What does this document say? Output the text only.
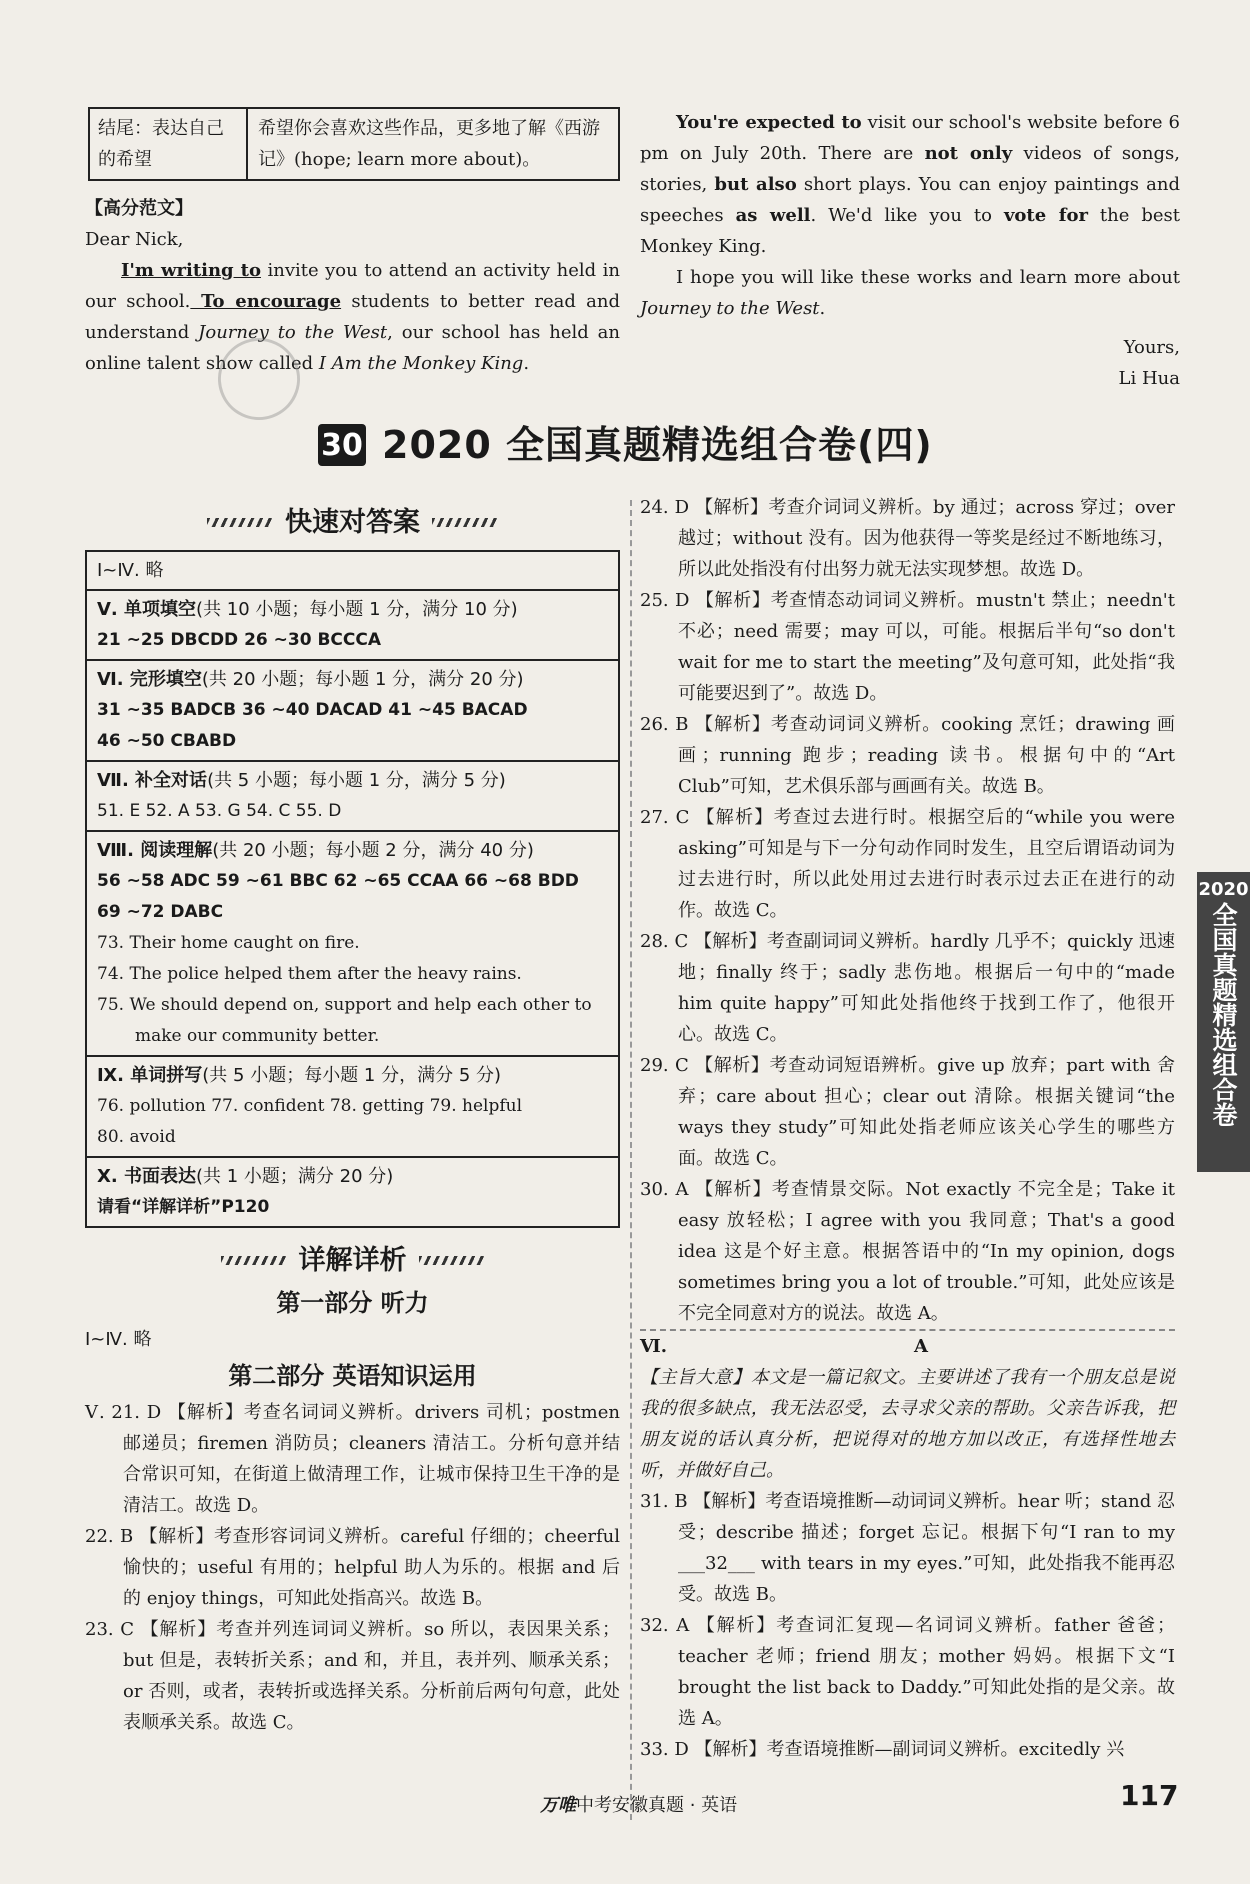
结尾：表达自己的希望
希望你会喜欢这些作品，更多地了解《西游记》(hope; learn more about)。
【高分范文】
Dear Nick,
I'm writing to invite you to attend an activity held in our school. To encourage students to better read and understand Journey to the West, our school has held an online talent show called I Am the Monkey King.
You're expected to visit our school's website before 6 pm on July 20th. There are not only videos of songs, stories, but also short plays. You can enjoy paintings and speeches as well. We'd like you to vote for the best Monkey King.
I hope you will like these works and learn more about Journey to the West.
Yours,
Li Hua
30 2020 全国真题精选组合卷(四)
快速对答案
Ⅰ~Ⅳ. 略
Ⅴ. 单项填空(共 10 小题；每小题 1 分，满分 10 分)
21 ~25 DBCDD 26 ~30 BCCCA
Ⅵ. 完形填空(共 20 小题；每小题 1 分，满分 20 分)
31 ~35 BADCB 36 ~40 DACAD 41 ~45 BACAD
46 ~50 CBABD
Ⅶ. 补全对话(共 5 小题；每小题 1 分，满分 5 分)
51. E 52. A 53. G 54. C 55. D
Ⅷ. 阅读理解(共 20 小题；每小题 2 分，满分 40 分)
56 ~58 ADC 59 ~61 BBC 62 ~65 CCAA 66 ~68 BDD
69 ~72 DABC
73. Their home caught on fire.
74. The police helped them after the heavy rains.
75. We should depend on, support and help each other to make our community better.
Ⅸ. 单词拼写(共 5 小题；每小题 1 分，满分 5 分)
76. pollution 77. confident 78. getting 79. helpful
80. avoid
Ⅹ. 书面表达(共 1 小题；满分 20 分)
请看“详解详析”P120
详解详析
第一部分 听力
Ⅰ~Ⅳ. 略
第二部分 英语知识运用
Ⅴ. 21. D 【解析】考查名词词义辨析。drivers 司机；postmen 邮递员；firemen 消防员；cleaners 清洁工。分析句意并结合常识可知，在街道上做清理工作，让城市保持卫生干净的是清洁工。故选 D。
22. B 【解析】考查形容词词义辨析。careful 仔细的；cheerful 愉快的；useful 有用的；helpful 助人为乐的。根据 and 后的 enjoy things，可知此处指高兴。故选 B。
23. C 【解析】考查并列连词词义辨析。so 所以，表因果关系；but 但是，表转折关系；and 和，并且，表并列、顺承关系；or 否则，或者，表转折或选择关系。分析前后两句句意，此处表顺承关系。故选 C。
24. D 【解析】考查介词词义辨析。by 通过；across 穿过；over 越过；without 没有。因为他获得一等奖是经过不断地练习，所以此处指没有付出努力就无法实现梦想。故选 D。
25. D 【解析】考查情态动词词义辨析。mustn't 禁止；needn't 不必；need 需要；may 可以，可能。根据后半句“so don't wait for me to start the meeting”及句意可知，此处指“我可能要迟到了”。故选 D。
26. B 【解析】考查动词词义辨析。cooking 烹饪；drawing 画画；running 跑步；reading 读书。根据句中的“Art Club”可知，艺术俱乐部与画画有关。故选 B。
27. C 【解析】考查过去进行时。根据空后的“while you were asking”可知是与下一分句动作同时发生，且空后谓语动词为过去进行时，所以此处用过去进行时表示过去正在进行的动作。故选 C。
28. C 【解析】考查副词词义辨析。hardly 几乎不；quickly 迅速地；finally 终于；sadly 悲伤地。根据后一句中的“made him quite happy”可知此处指他终于找到工作了，他很开心。故选 C。
29. C 【解析】考查动词短语辨析。give up 放弃；part with 舍弃；care about 担心；clear out 清除。根据关键词“the ways they study”可知此处指老师应该关心学生的哪些方面。故选 C。
30. A 【解析】考查情景交际。Not exactly 不完全是；Take it easy 放轻松；I agree with you 我同意；That's a good idea 这是个好主意。根据答语中的“In my opinion, dogs sometimes bring you a lot of trouble.”可知，此处应该是不完全同意对方的说法。故选 A。
Ⅵ.	A
【主旨大意】本文是一篇记叙文。主要讲述了我有一个朋友总是说我的很多缺点，我无法忍受，去寻求父亲的帮助。父亲告诉我，把朋友说的话认真分析，把说得对的地方加以改正，有选择性地去听，并做好自己。
31. B 【解析】考查语境推断—动词词义辨析。hear 听；stand 忍受；describe 描述；forget 忘记。根据下句“I ran to my ___32___ with tears in my eyes.”可知，此处指我不能再忍受。故选 B。
32. A 【解析】考查词汇复现—名词词义辨析。father 爸爸；teacher 老师；friend 朋友；mother 妈妈。根据下文“I brought the list back to Daddy.”可知此处指的是父亲。故选 A。
33. D 【解析】考查语境推断—副词词义辨析。excitedly 兴
2020
全国真题精选组合卷
万唯中考安徽真题 · 英语	117
